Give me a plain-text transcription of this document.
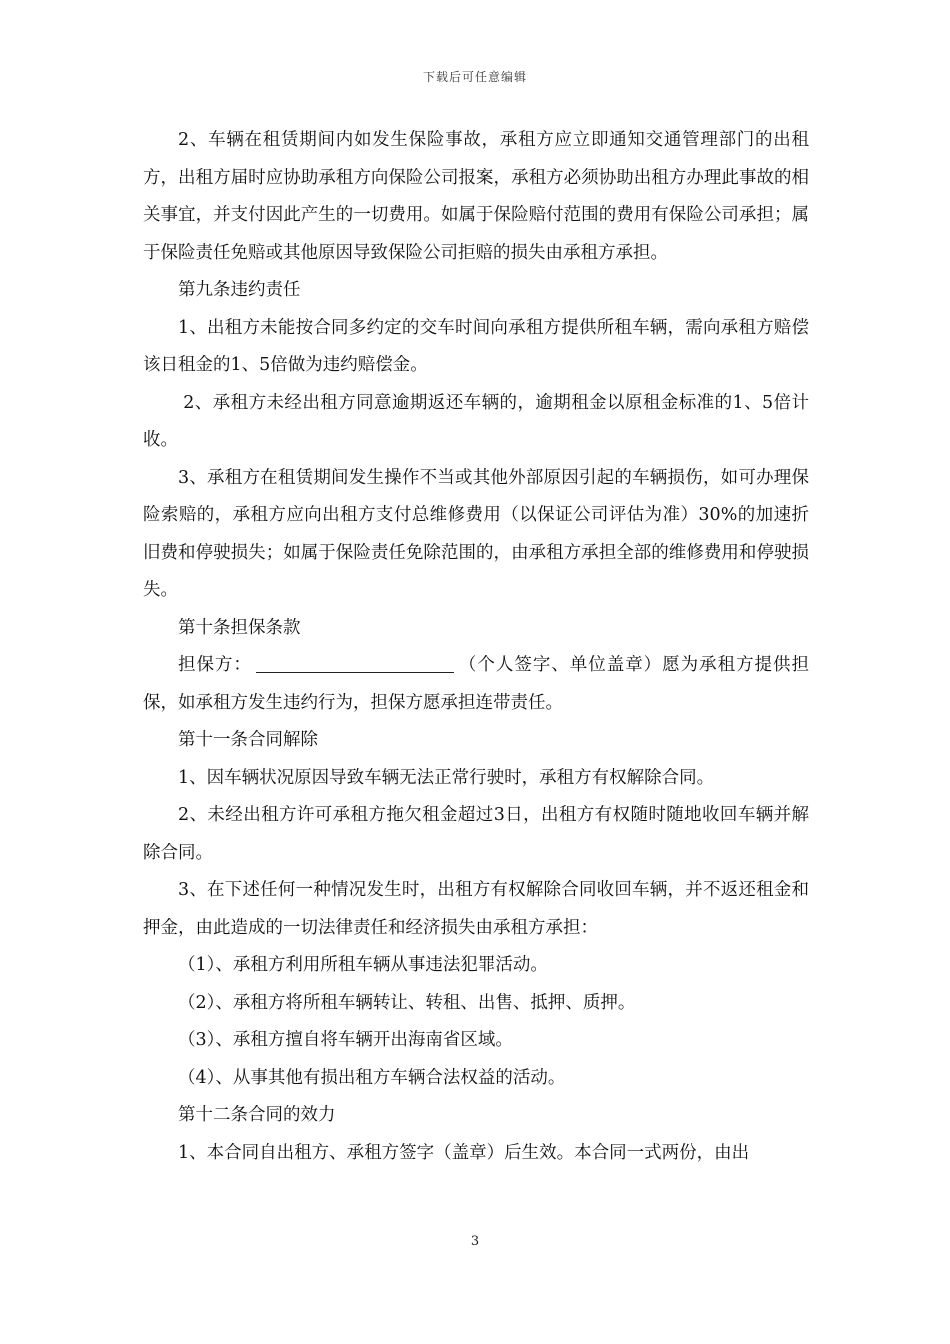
下载后可任意编辑

2、车辆在租赁期间内如发生保险事故，承租方应立即通知交通管理部门的出租方，出租方届时应协助承租方向保险公司报案，承租方必须协助出租方办理此事故的相关事宜，并支付因此产生的一切费用。如属于保险赔付范围的费用有保险公司承担；属于保险责任免赔或其他原因导致保险公司拒赔的损失由承租方承担。

第九条违约责任

1、出租方未能按合同多约定的交车时间向承租方提供所租车辆，需向承租方赔偿该日租金的1、5倍做为违约赔偿金。

2、承租方未经出租方同意逾期返还车辆的，逾期租金以原租金标准的1、5倍计收。

3、承租方在租赁期间发生操作不当或其他外部原因引起的车辆损伤，如可办理保险索赔的，承租方应向出租方支付总维修费用（以保证公司评估为准）30%的加速折旧费和停驶损失；如属于保险责任免除范围的，由承租方承担全部的维修费用和停驶损失。

第十条担保条款

担保方：	（个人签字、单位盖章）愿为承租方提供担保，如承租方发生违约行为，担保方愿承担连带责任。

第十一条合同解除

1、因车辆状况原因导致车辆无法正常行驶时，承租方有权解除合同。

2、未经出租方许可承租方拖欠租金超过3日，出租方有权随时随地收回车辆并解除合同。

3、在下述任何一种情况发生时，出租方有权解除合同收回车辆，并不返还租金和押金，由此造成的一切法律责任和经济损失由承租方承担：

（1）、承租方利用所租车辆从事违法犯罪活动。

（2）、承租方将所租车辆转让、转租、出售、抵押、质押。

（3）、承租方擅自将车辆开出海南省区域。

（4）、从事其他有损出租方车辆合法权益的活动。

第十二条合同的效力

1、本合同自出租方、承租方签字（盖章）后生效。本合同一式两份，由出

3
